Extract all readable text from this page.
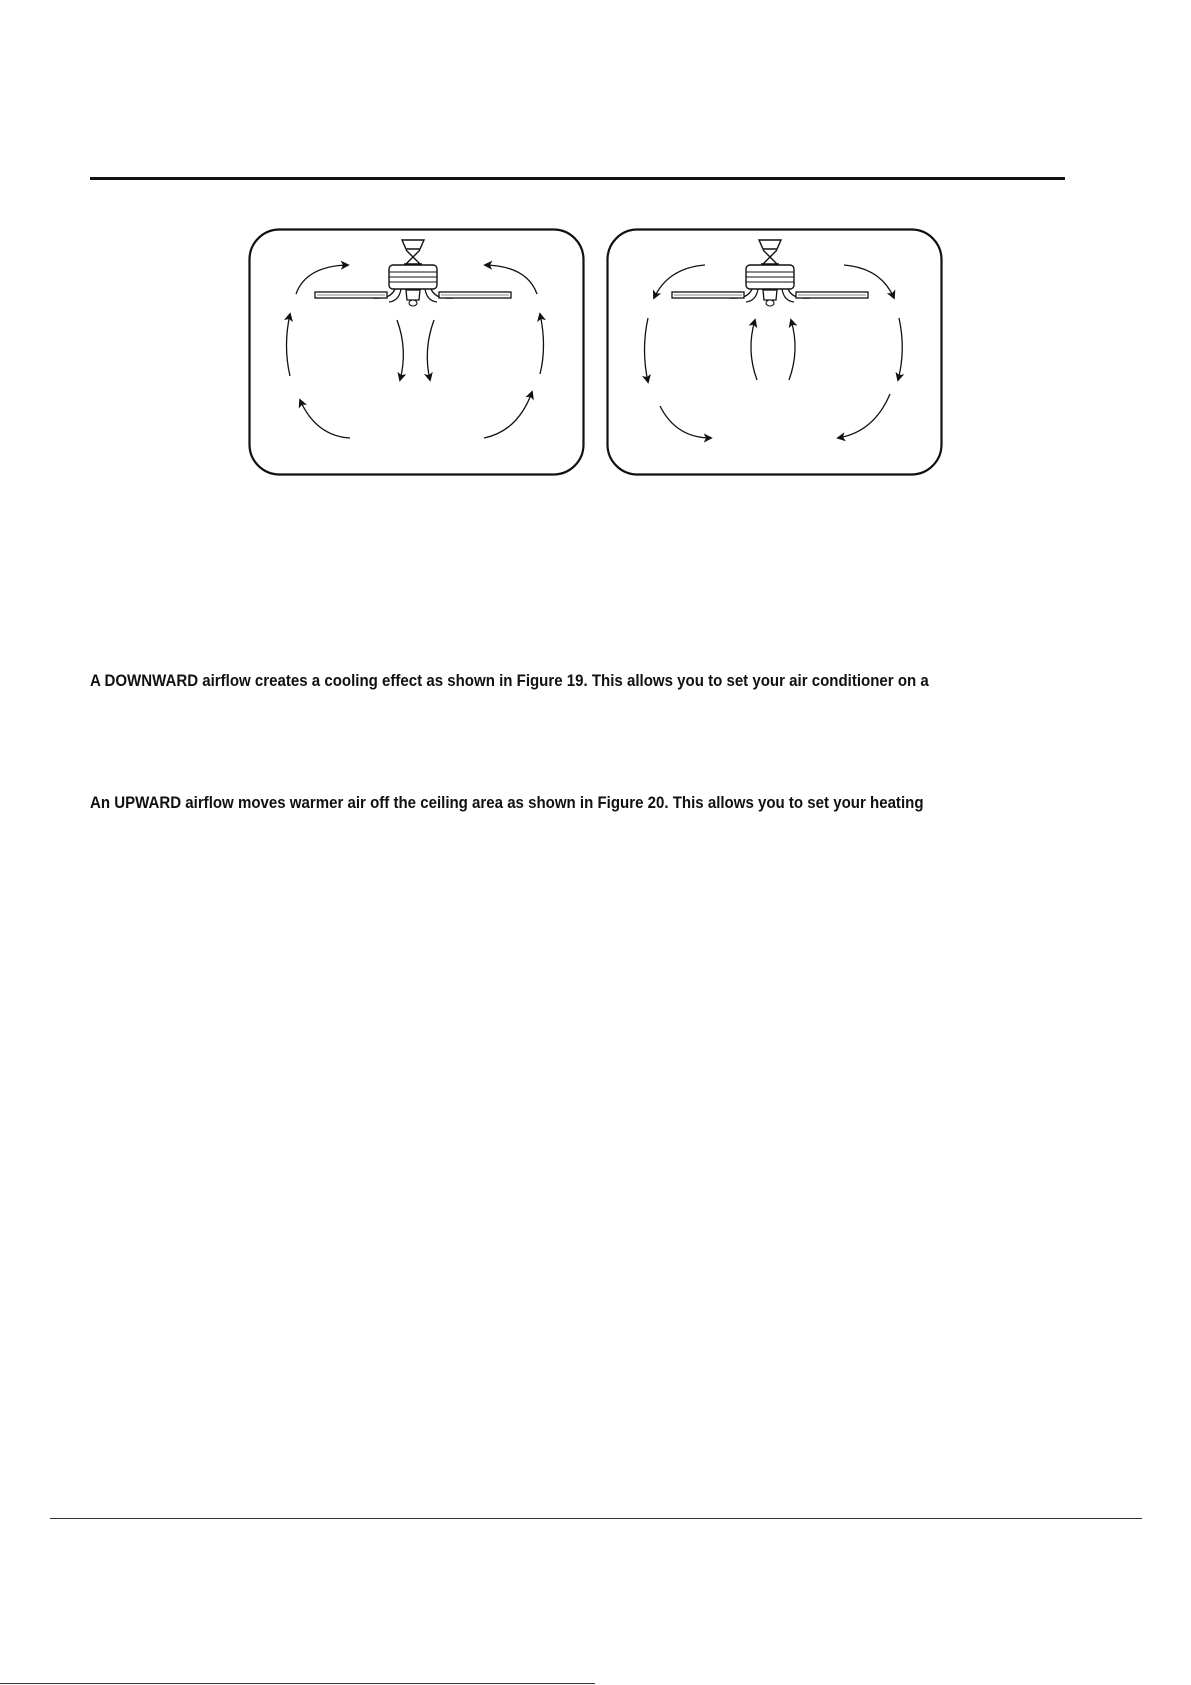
A DOWNWARD airflow creates a cooling effect as shown in Figure 19. This allows you to set your air conditioner on a
An UPWARD airflow moves warmer air off the ceiling area as shown in Figure 20. This allows you to set your heating
